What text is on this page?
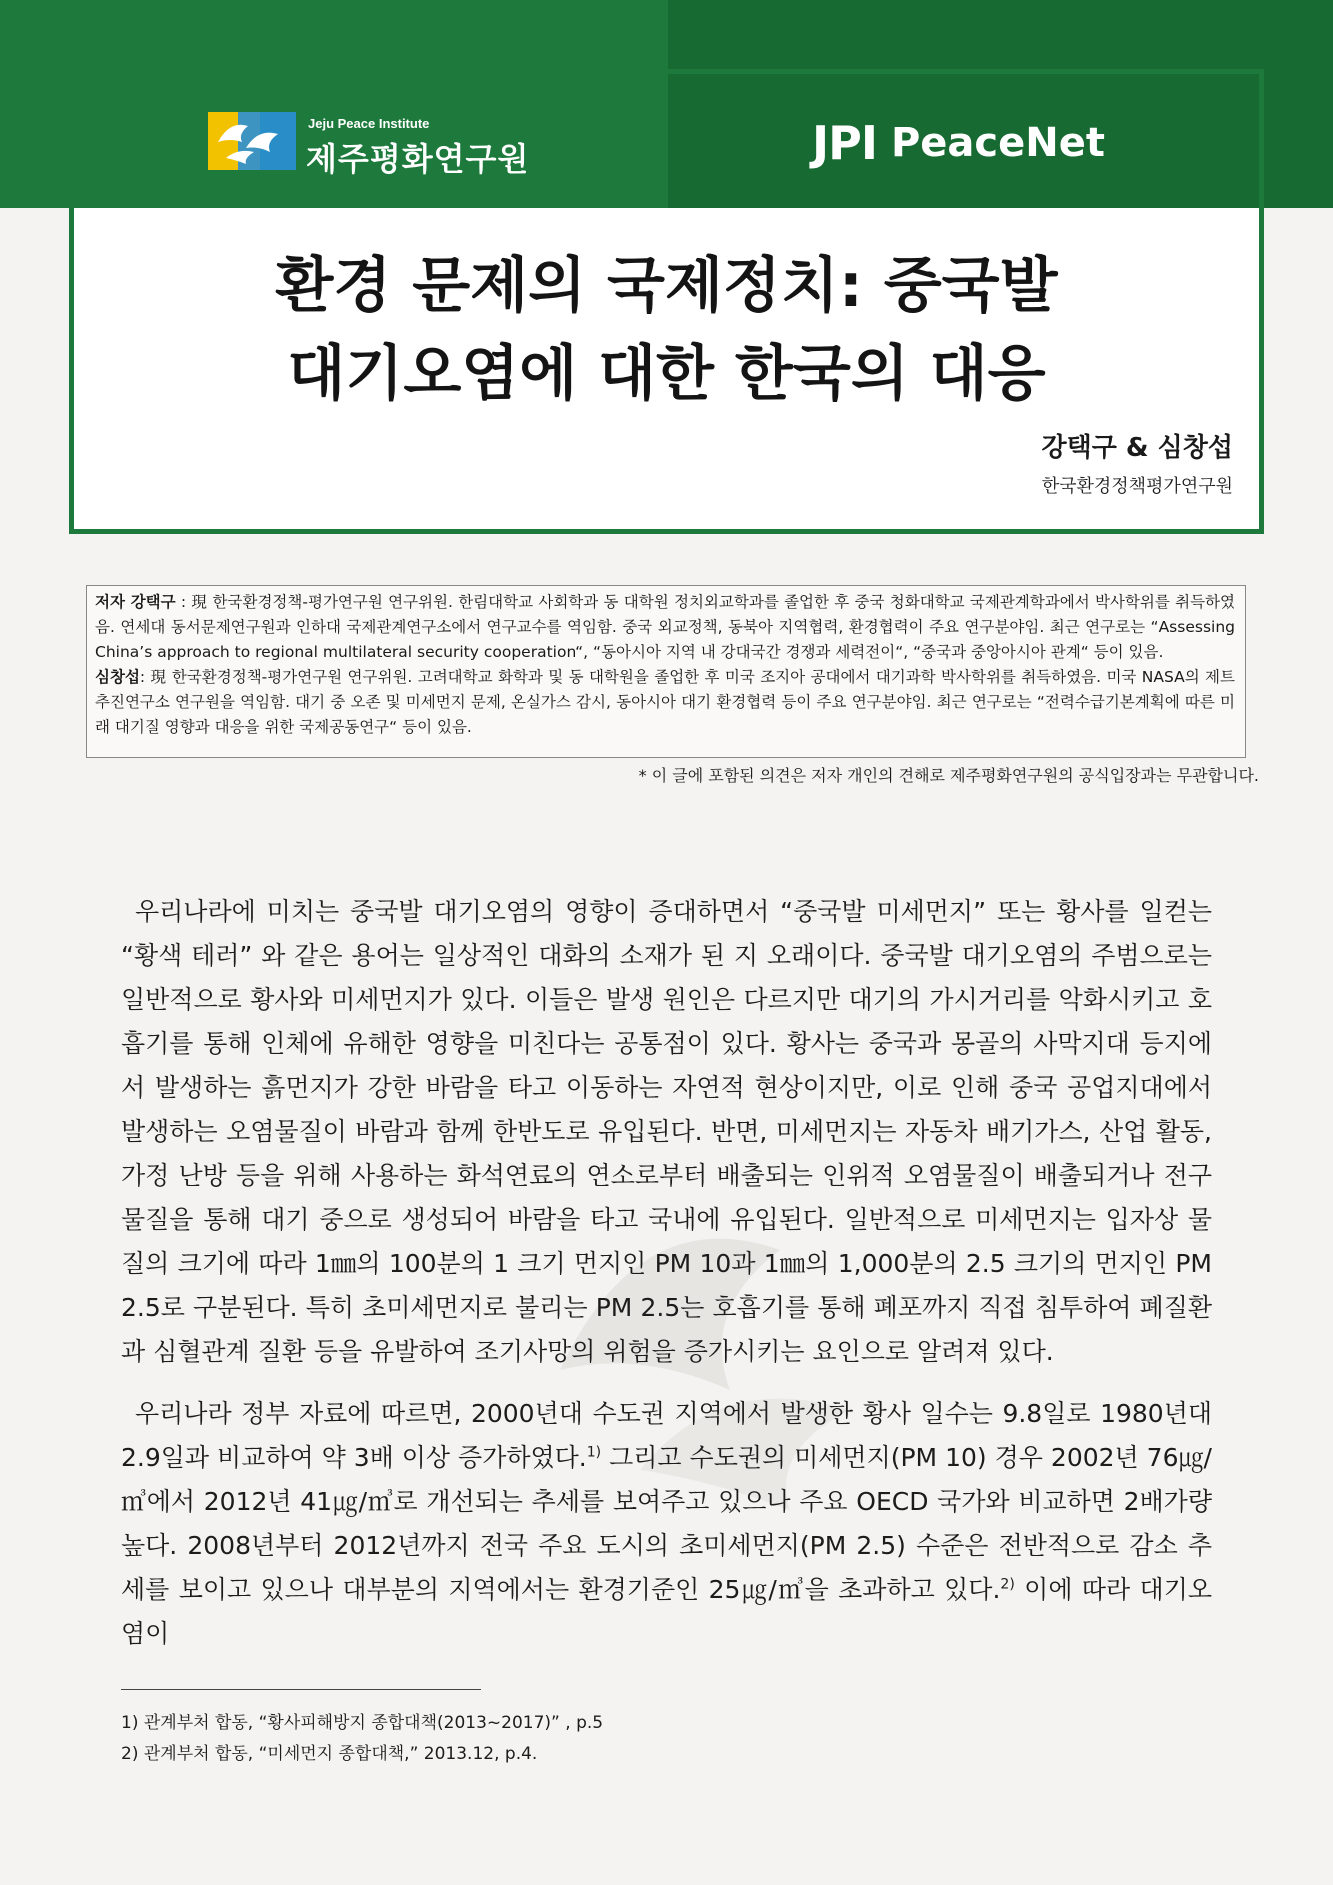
Jeju Peace Institute
제주평화연구원	JPI PeaceNet
환경 문제의 국제정치: 중국발
대기오염에 대한 한국의 대응
강택구 & 심창섭
한국환경정책평가연구원

저자 강택구 : 現 한국환경정책-평가연구원 연구위원. 한림대학교 사회학과 동 대학원 정치외교학과를 졸업한 후 중국 청화대학교 국제관계학과에서 박사학위를 취득하였음. 연세대 동서문제연구원과 인하대 국제관계연구소에서 연구교수를 역임함. 중국 외교정책, 동북아 지역협력, 환경협력이 주요 연구분야임. 최근 연구로는 “Assessing China’s approach to regional multilateral security cooperation“, “동아시아 지역 내 강대국간 경쟁과 세력전이“, “중국과 중앙아시아 관계“ 등이 있음.

심창섭: 現 한국환경정책-평가연구원 연구위원. 고려대학교 화학과 및 동 대학원을 졸업한 후 미국 조지아 공대에서 대기과학 박사학위를 취득하였음. 미국 NASA의 제트추진연구소 연구원을 역임함. 대기 중 오존 및 미세먼지 문제, 온실가스 감시, 동아시아 대기 환경협력 등이 주요 연구분야임. 최근 연구로는 “전력수급기본계획에 따른 미래 대기질 영향과 대응을 위한 국제공동연구“ 등이 있음.

* 이 글에 포함된 의견은 저자 개인의 견해로 제주평화연구원의 공식입장과는 무관합니다.

우리나라에 미치는 중국발 대기오염의 영향이 증대하면서 “중국발 미세먼지” 또는 황사를 일컫는 “황색 테러” 와 같은 용어는 일상적인 대화의 소재가 된 지 오래이다. 중국발 대기오염의 주범으로는 일반적으로 황사와 미세먼지가 있다. 이들은 발생 원인은 다르지만 대기의 가시거리를 악화시키고 호흡기를 통해 인체에 유해한 영향을 미친다는 공통점이 있다. 황사는 중국과 몽골의 사막지대 등지에서 발생하는 흙먼지가 강한 바람을 타고 이동하는 자연적 현상이지만, 이로 인해 중국 공업지대에서 발생하는 오염물질이 바람과 함께 한반도로 유입된다. 반면, 미세먼지는 자동차 배기가스, 산업 활동, 가정 난방 등을 위해 사용하는 화석연료의 연소로부터 배출되는 인위적 오염물질이 배출되거나 전구물질을 통해 대기 중으로 생성되어 바람을 타고 국내에 유입된다. 일반적으로 미세먼지는 입자상 물질의 크기에 따라 1㎜의 100분의 1 크기 먼지인 PM 10과 1㎜의 1,000분의 2.5 크기의 먼지인 PM 2.5로 구분된다. 특히 초미세먼지로 불리는 PM 2.5는 호흡기를 통해 폐포까지 직접 침투하여 폐질환과 심혈관계 질환 등을 유발하여 조기사망의 위험을 증가시키는 요인으로 알려져 있다.

우리나라 정부 자료에 따르면, 2000년대 수도권 지역에서 발생한 황사 일수는 9.8일로 1980년대 2.9일과 비교하여 약 3배 이상 증가하였다.$^{1)}$ 그리고 수도권의 미세먼지(PM 10) 경우 2002년 76㎍/㎥에서 2012년 41㎍/㎥로 개선되는 추세를 보여주고 있으나 주요 OECD 국가와 비교하면 2배가량 높다. 2008년부터 2012년까지 전국 주요 도시의 초미세먼지(PM 2.5) 수준은 전반적으로 감소 추세를 보이고 있으나 대부분의 지역에서는 환경기준인 25㎍/㎥을 초과하고 있다.$^{2)}$ 이에 따라 대기오염이

1) 관계부처 합동, “황사피해방지 종합대책(2013~2017)” , p.5
2) 관계부처 합동, “미세먼지 종합대책,” 2013.12, p.4.
